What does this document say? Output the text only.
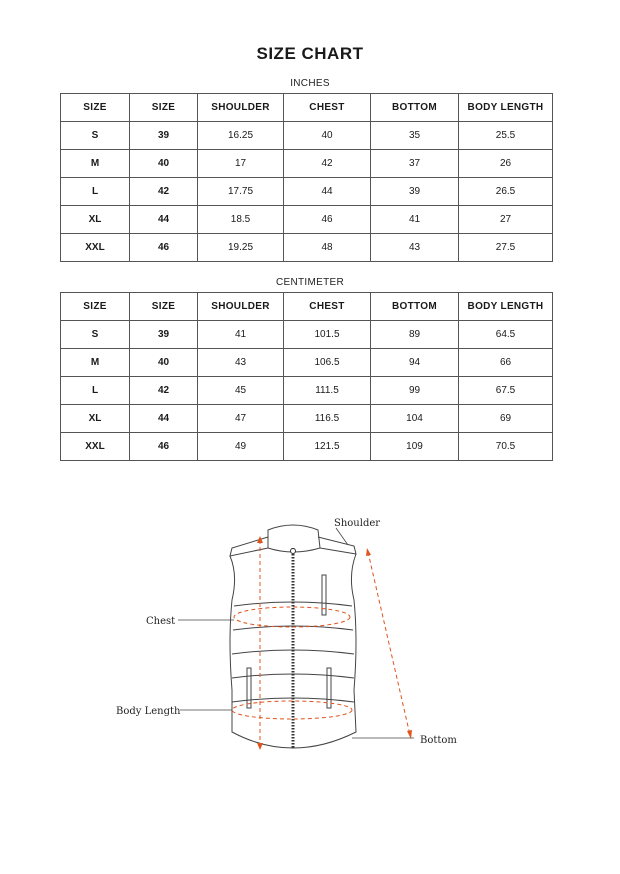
SIZE CHART
INCHES
SIZE	SIZE	SHOULDER	CHEST	BOTTOM	BODY LENGTH
S	39	16.25	40	35	25.5
M	40	17	42	37	26
L	42	17.75	44	39	26.5
XL	44	18.5	46	41	27
XXL	46	19.25	48	43	27.5
CENTIMETER
SIZE	SIZE	SHOULDER	CHEST	BOTTOM	BODY LENGTH
S	39	41	101.5	89	64.5
M	40	43	106.5	94	66
L	42	45	111.5	99	67.5
XL	44	47	116.5	104	69
XXL	46	49	121.5	109	70.5
Shoulder
Chest
Body Length
Bottom
